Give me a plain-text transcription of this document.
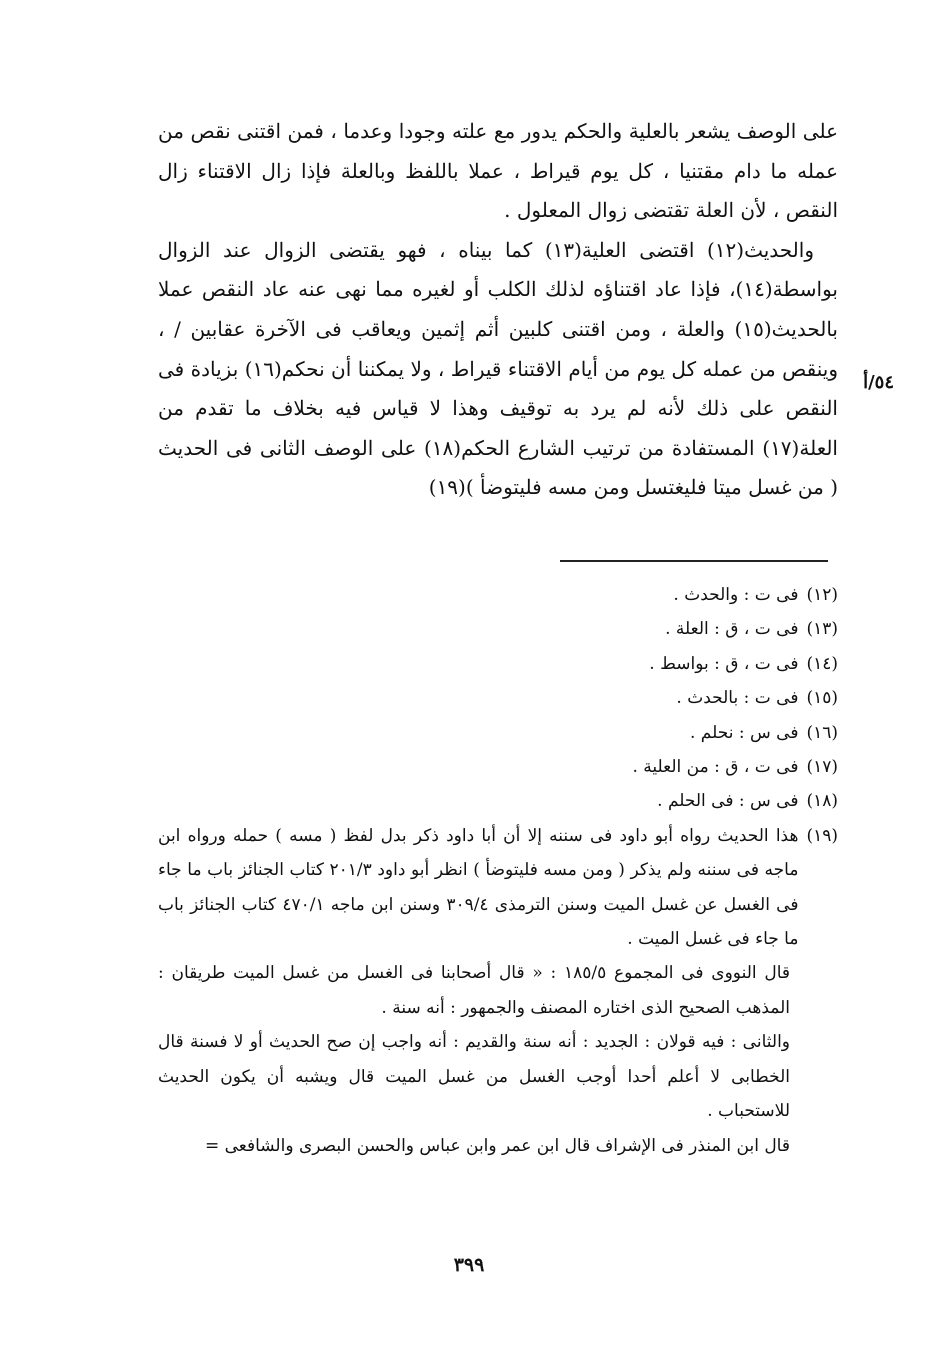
على الوصف يشعر بالعلية والحكم يدور مع علته وجودا وعدما ، فمن اقتنى نقص من عمله ما دام مقتنيا ، كل يوم قيراط ، عملا باللفظ وبالعلة فإذا زال الاقتناء زال النقص ، لأن العلة تقتضى زوال المعلول .

والحديث(١٢) اقتضى العلية(١٣) كما بيناه ، فهو يقتضى الزوال عند الزوال بواسطة(١٤)، فإذا عاد اقتناؤه لذلك الكلب أو لغيره مما نهى عنه عاد النقص عملا بالحديث(١٥) والعلة ، ومن اقتنى كلبين أثم إثمين ويعاقب فى الآخرة عقابين / ، وينقص من عمله كل يوم من أيام الاقتناء قيراط ، ولا يمكننا أن نحكم(١٦) بزيادة فى النقص على ذلك لأنه لم يرد به توقيف وهذا لا قياس فيه بخلاف ما تقدم من العلة(١٧) المستفادة من ترتيب الشارع الحكم(١٨) على الوصف الثانى فى الحديث ( من غسل ميتا فليغتسل ومن مسه فليتوضأ )(١٩)

٥٤/أ
(١٢)
فى ت : والحدث .
(١٣)
فى ت ، ق : العلة .
(١٤)
فى ت ، ق : بواسط .
(١٥)
فى ت : بالحدث .
(١٦)
فى س : نحلم .
(١٧)
فى ت ، ق : من العلية .
(١٨)
فى س : فى الحلم .
(١٩)
هذا الحديث رواه أبو داود فى سننه إلا أن أبا داود ذكر بدل لفظ ( مسه ) حمله ورواه ابن ماجه فى سننه ولم يذكر ( ومن مسه فليتوضأ ) انظر أبو داود ٢٠١/٣ كتاب الجنائز باب ما جاء فى الغسل عن غسل الميت وسنن الترمذى ٣٠٩/٤ وسنن ابن ماجه ٤٧٠/١ كتاب الجنائز باب ما جاء فى غسل الميت .

قال النووى فى المجموع ١٨٥/٥ : « قال أصحابنا فى الغسل من غسل الميت طريقان : المذهب الصحيح الذى اختاره المصنف والجمهور : أنه سنة .

والثانى : فيه قولان : الجديد : أنه سنة والقديم : أنه واجب إن صح الحديث أو لا فسنة قال الخطابى لا أعلم أحدا أوجب الغسل من غسل الميت قال ويشبه أن يكون الحديث للاستحباب .

قال ابن المنذر فى الإشراف قال ابن عمر وابن عباس والحسن البصرى والشافعى =

٣٩٩
